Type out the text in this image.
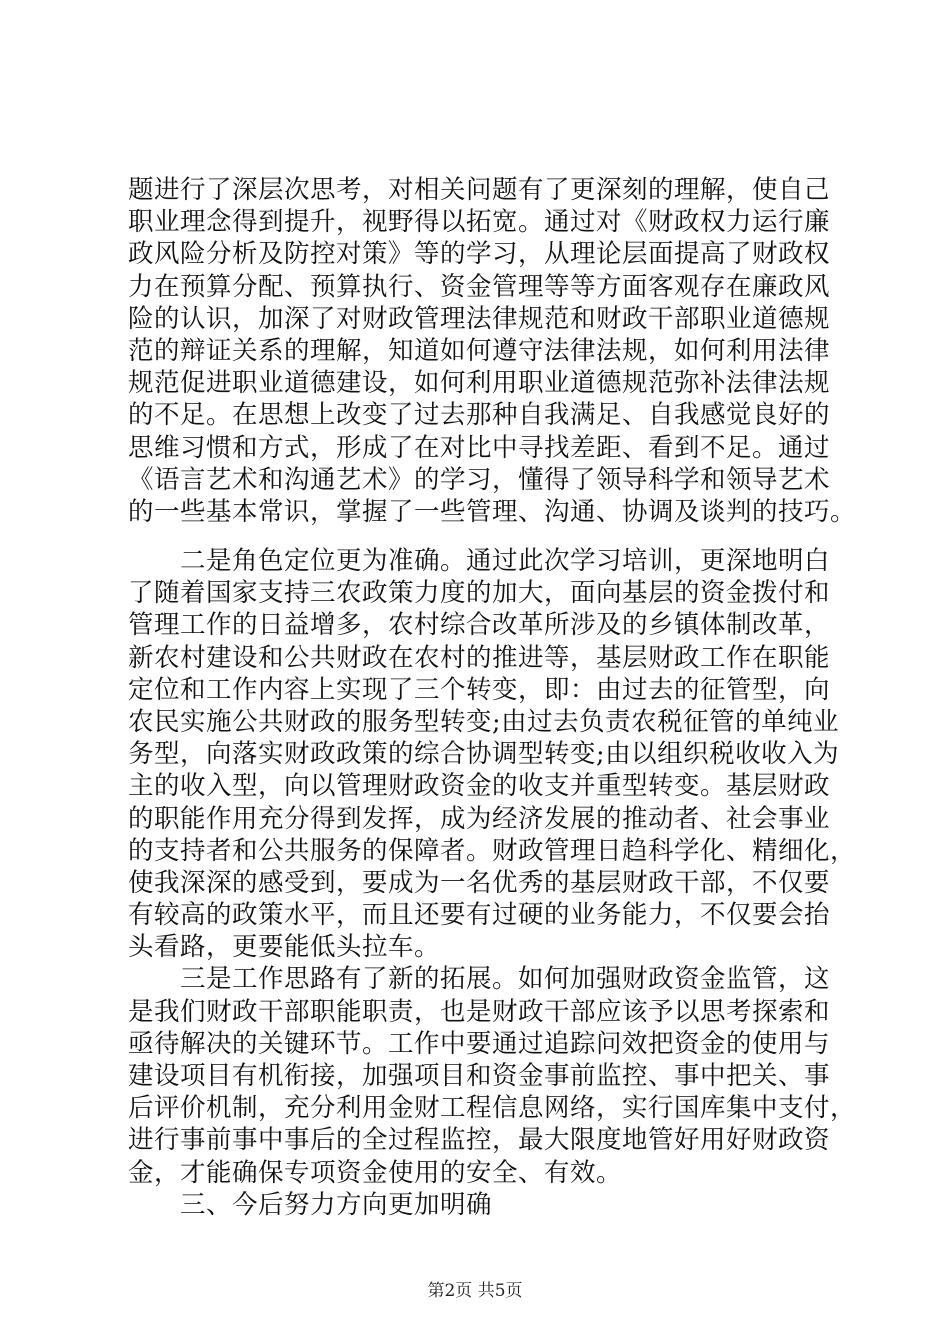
题进行了深层次思考，对相关问题有了更深刻的理解，使自己
职业理念得到提升，视野得以拓宽。通过对《财政权力运行廉
政风险分析及防控对策》等的学习，从理论层面提高了财政权
力在预算分配、预算执行、资金管理等等方面客观存在廉政风
险的认识，加深了对财政管理法律规范和财政干部职业道德规
范的辩证关系的理解，知道如何遵守法律法规，如何利用法律
规范促进职业道德建设，如何利用职业道德规范弥补法律法规
的不足。在思想上改变了过去那种自我满足、自我感觉良好的
思维习惯和方式，形成了在对比中寻找差距、看到不足。通过
《语言艺术和沟通艺术》的学习，懂得了领导科学和领导艺术
的一些基本常识，掌握了一些管理、沟通、协调及谈判的技巧。
　　二是角色定位更为准确。通过此次学习培训，更深地明白
了随着国家支持三农政策力度的加大，面向基层的资金拨付和
管理工作的日益增多，农村综合改革所涉及的乡镇体制改革，
新农村建设和公共财政在农村的推进等，基层财政工作在职能
定位和工作内容上实现了三个转变，即：由过去的征管型，向
农民实施公共财政的服务型转变;由过去负责农税征管的单纯业
务型，向落实财政政策的综合协调型转变;由以组织税收收入为
主的收入型，向以管理财政资金的收支并重型转变。基层财政
的职能作用充分得到发挥，成为经济发展的推动者、社会事业
的支持者和公共服务的保障者。财政管理日趋科学化、精细化，
使我深深的感受到，要成为一名优秀的基层财政干部，不仅要
有较高的政策水平，而且还要有过硬的业务能力，不仅要会抬
头看路，更要能低头拉车。
　　三是工作思路有了新的拓展。如何加强财政资金监管，这
是我们财政干部职能职责，也是财政干部应该予以思考探索和
亟待解决的关键环节。工作中要通过追踪问效把资金的使用与
建设项目有机衔接，加强项目和资金事前监控、事中把关、事
后评价机制，充分利用金财工程信息网络，实行国库集中支付，
进行事前事中事后的全过程监控，最大限度地管好用好财政资
金，才能确保专项资金使用的安全、有效。
　　三、今后努力方向更加明确
第2页 共5页
